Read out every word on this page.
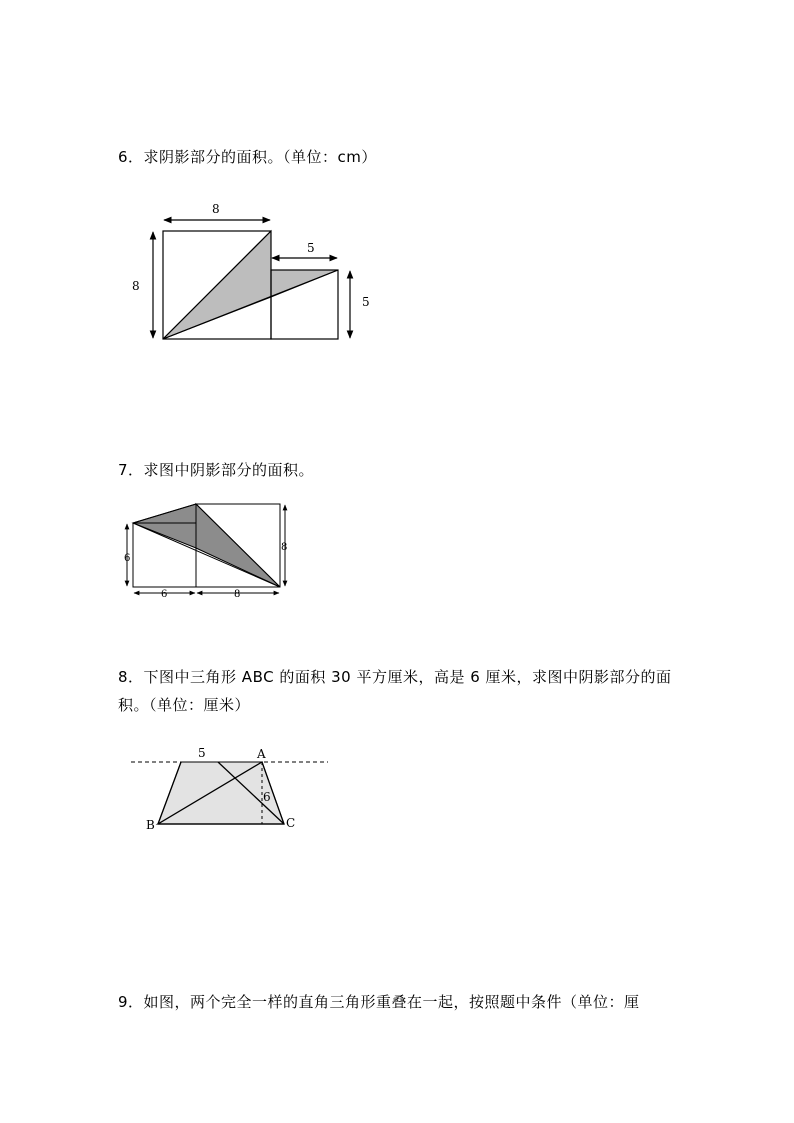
6．求阴影部分的面积。（单位：cm）
7．求图中阴影部分的面积。
8．下图中三角形 ABC 的面积 30 平方厘米，高是 6 厘米，求图中阴影部分的面积。（单位：厘米）
9．如图，两个完全一样的直角三角形重叠在一起，按照题中条件（单位：厘
8
8
5
5
6
8
6	8
5	A
6
B	C
